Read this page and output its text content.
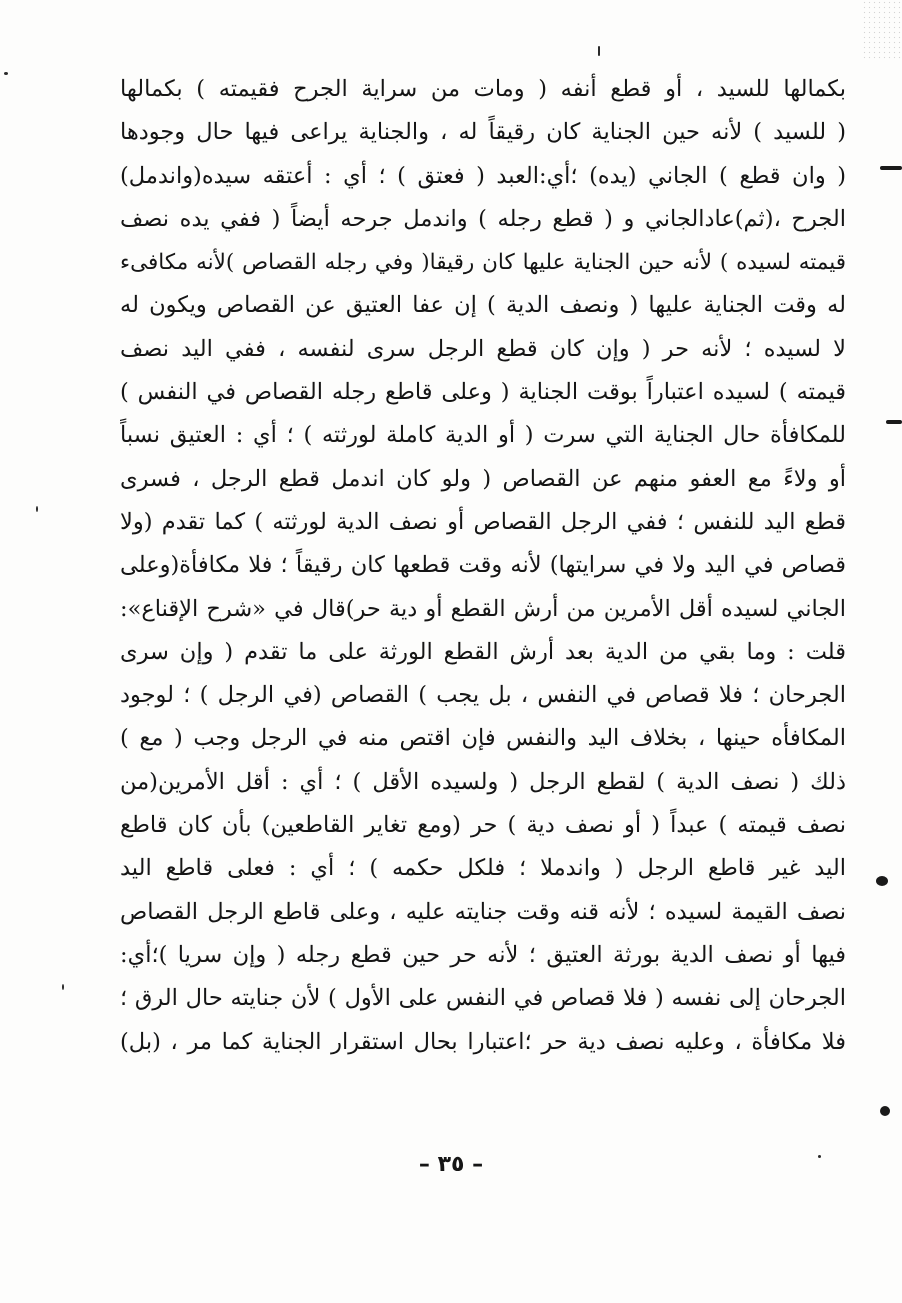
بكمالها للسيد ، أو قطع أنفه ( ومات من سراية الجرح فقيمته ) بكمالها
( للسيد ) لأنه حين الجناية كان رقيقاً له ، والجناية يراعى فيها حال وجودها
( وان قطع ) الجاني (يده) ؛أي:العبد ( فعتق ) ؛ أي : أعتقه سيده(واندمل)
الجرح ،(ثم)عادالجاني و ( قطع رجله ) واندمل جرحه أيضاً ( ففي يده نصف
قيمته لسيده ) لأنه حين الجناية عليها كان رقيقا( وفي رجله القصاص )لأنه مكافىء
له وقت الجناية عليها ( ونصف الدية ) إن عفا العتيق عن القصاص ويكون له
لا لسيده ؛ لأنه حر ( وإن كان قطع الرجل سرى لنفسه ، ففي اليد نصف
قيمته ) لسيده اعتباراً بوقت الجناية ( وعلى قاطع رجله القصاص في النفس )
للمكافأة حال الجناية التي سرت ( أو الدية كاملة لورثته ) ؛ أي : العتيق نسباً
أو ولاءً مع العفو منهم عن القصاص ( ولو كان اندمل قطع الرجل ، فسرى
قطع اليد للنفس ؛ ففي الرجل القصاص أو نصف الدية لورثته ) كما تقدم (ولا
قصاص في اليد ولا في سرايتها) لأنه وقت قطعها كان رقيقاً ؛ فلا مكافأة(وعلى
الجاني لسيده أقل الأمرين من أرش القطع أو دية حر)قال في «شرح الإقناع»:
قلت : وما بقي من الدية بعد أرش القطع الورثة على ما تقدم ( وإن سرى
الجرحان ؛ فلا قصاص في النفس ، بل يجب ) القصاص (في الرجل ) ؛ لوجود
المكافأه حينها ، بخلاف اليد والنفس فإن اقتص منه في الرجل وجب ( مع )
ذلك ( نصف الدية ) لقطع الرجل ( ولسيده الأقل ) ؛ أي : أقل الأمرين(من
نصف قيمته ) عبداً ( أو نصف دية ) حر (ومع تغاير القاطعين) بأن كان قاطع
اليد غير قاطع الرجل ( واندملا ؛ فلكل حكمه ) ؛ أي : فعلى قاطع اليد
نصف القيمة لسيده ؛ لأنه قنه وقت جنايته عليه ، وعلى قاطع الرجل القصاص
فيها أو نصف الدية بورثة العتيق ؛ لأنه حر حين قطع رجله ( وإن سريا )؛أي:
الجرحان إلى نفسه ( فلا قصاص في النفس على الأول ) لأن جنايته حال الرق ؛
فلا مكافأة ، وعليه نصف دية حر ؛اعتبارا بحال استقرار الجناية كما مر ، (بل)
– ٣٥ –
